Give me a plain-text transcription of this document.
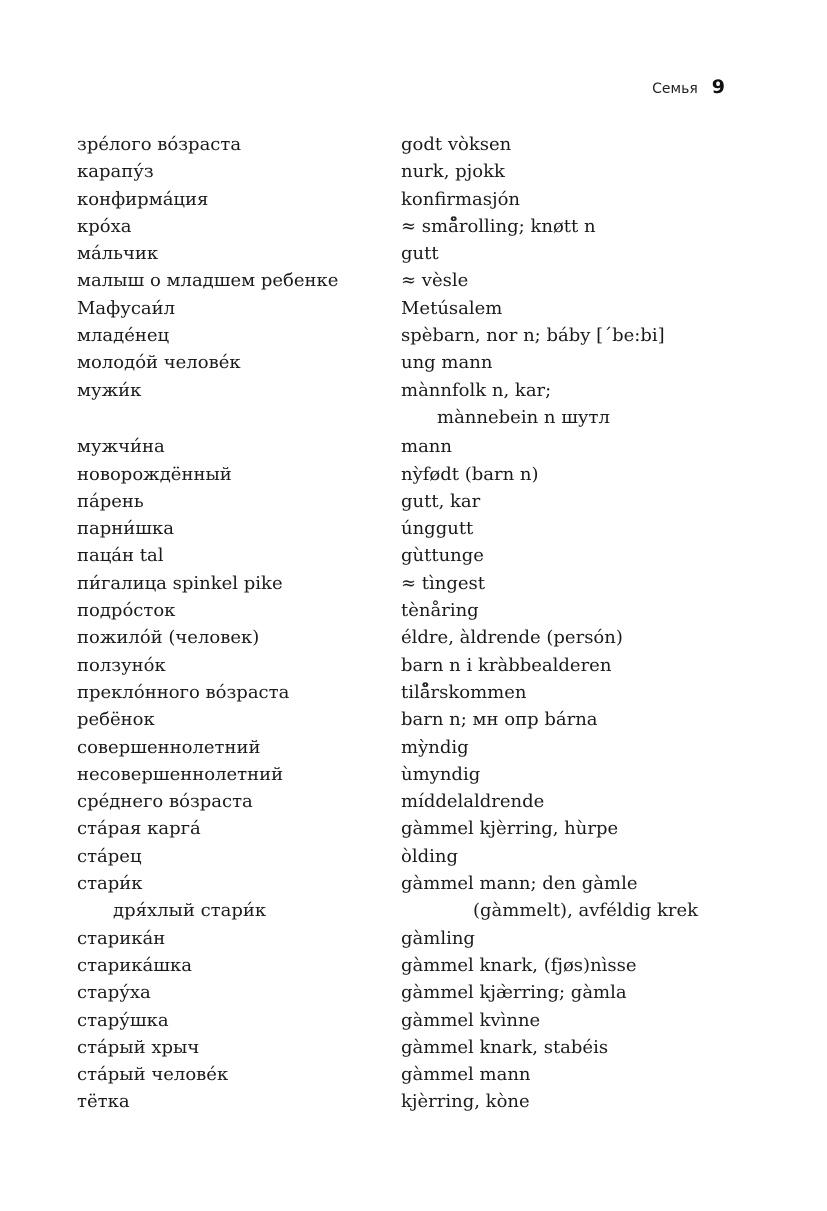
Семья 9
зре́лого во́зраста	godt vòksen
карапу́з	nurk, pjokk
конфирма́ция	konfirmasjón
кро́ха	≈ små̊rolling; knøtt n
ма́льчик	gutt
малыш о младшем ребенке	≈ vèsle
Мафусаи́л	Metúsalem
младе́нец	spèbarn, nor n; báby [ˊbe:bi]
молодо́й челове́к	ung mann
мужи́к	mànnfolk n, kar;
mànnebein n шутл
мужчи́на	mann
новорождённый	nỳfødt (barn n)
па́рень	gutt, kar
парни́шка	únggutt
паца́н tal	gùttunge
пи́галица spinkel pike	≈ tìngest
подро́сток	tènåring
пожило́й (человек)	éldre, àldrende (persón)
ползуно́к	barn n i kràbbealderen
преклóнного во́зраста	tilå̊rskommen
ребёнок	barn n; мн опр bárna
совершеннолетний	mỳndig
несовершеннолетний	ùmyndig
сре́днего во́зраста	míddelaldrende
ста́рая карга́	gàmmel kjèrring, hùrpe
ста́рец	òlding
стари́к	gàmmel mann; den gàmle
дря́хлый стари́к	(gàmmelt), avféldig krek
старика́н	gàmling
старика́шка	gàmmel knark, (fjøs)nìsse
стару́ха	gàmmel kjæ̀rring; gàmla
стару́шка	gàmmel kvìnne
ста́рый хрыч	gàmmel knark, stabéis
ста́рый челове́к	gàmmel mann
тётка	kjèrring, kòne
